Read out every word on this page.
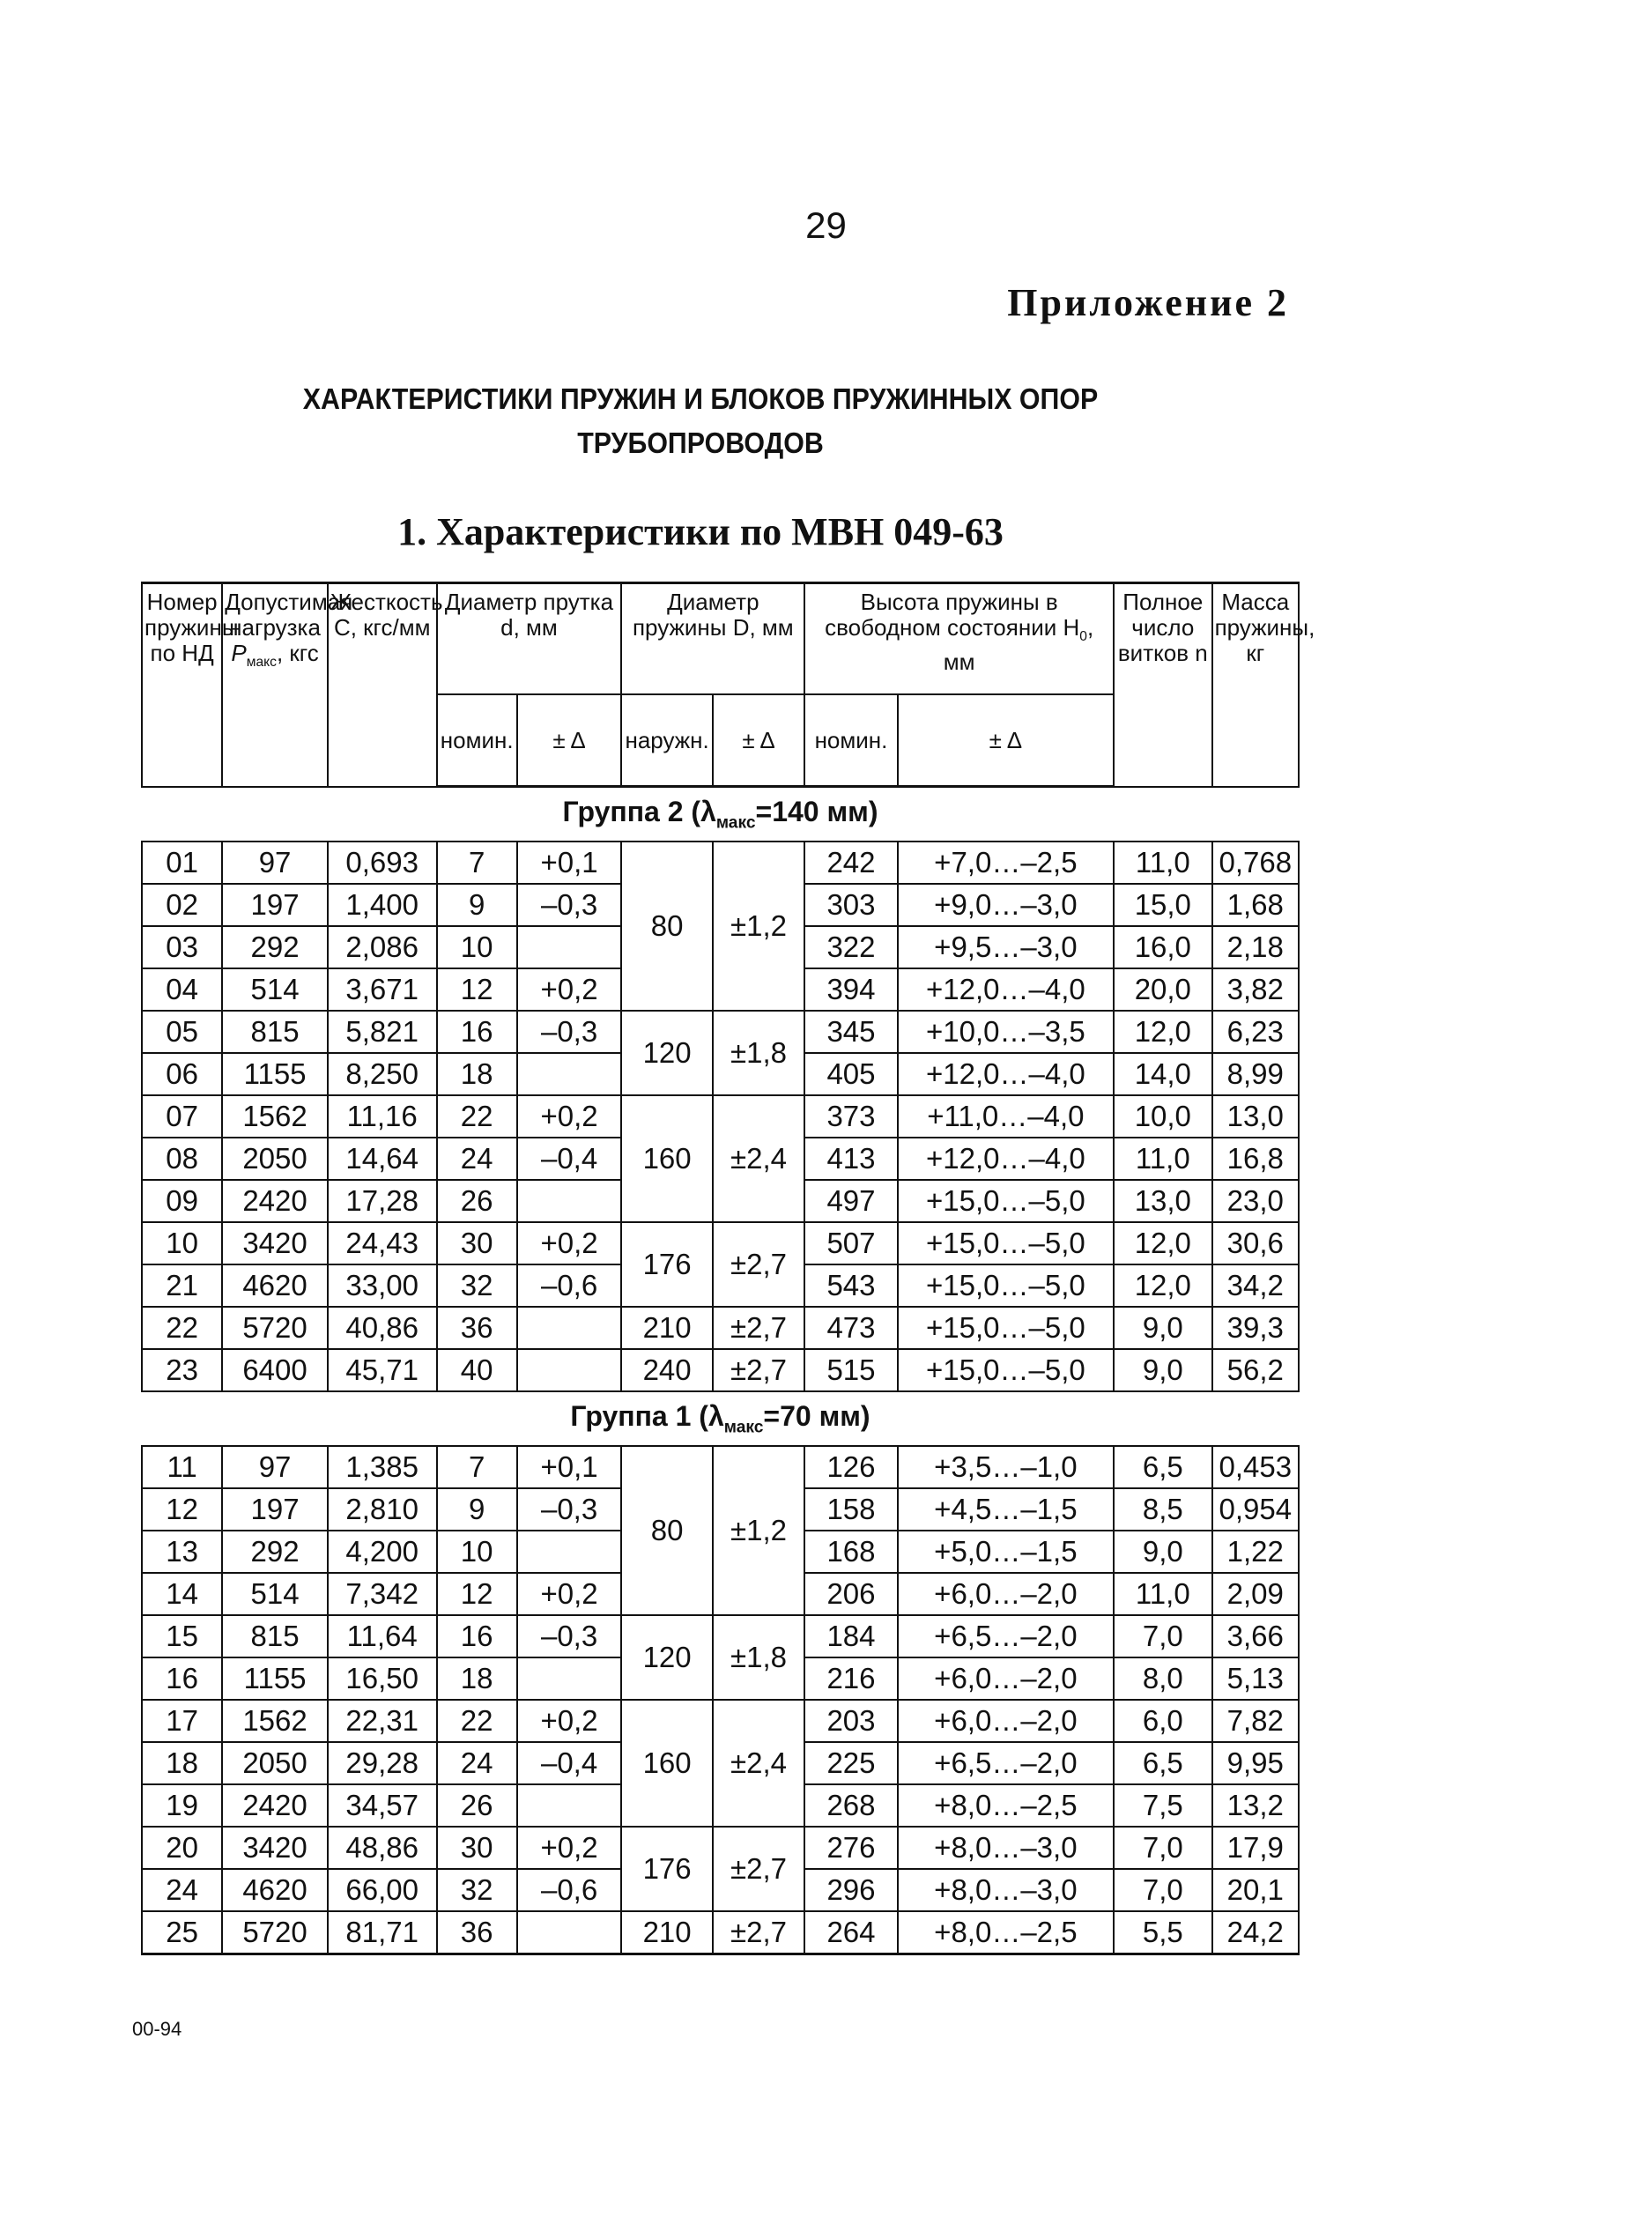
29
Приложение 2
ХАРАКТЕРИСТИКИ ПРУЖИН И БЛОКОВ ПРУЖИННЫХ ОПОР
ТРУБОПРОВОДОВ
1. Характеристики по МВН 049-63
Номер пружины по НД	Допустимая нагрузка $P_{макс}$, кгс	Жесткость С, кгс/мм	Диаметр прутка d, мм		Диаметр пружины D, мм		Высота пружины в свободном состоянии $H_0$, мм		Полное число витков n	Масса пружины, кг
			номин.	± Δ	наружн.	± Δ	номин.	± Δ		
Группа 2 ($\lambda_{макс}=140$ мм)										
01	97	0,693	7	+0,1	80	±1,2	242	+7,0…–2,5	11,0	0,768
02	197	1,400	9	–0,3			303	+9,0…–3,0	15,0	1,68
03	292	2,086	10				322	+9,5…–3,0	16,0	2,18
04	514	3,671	12	+0,2			394	+12,0…–4,0	20,0	3,82
05	815	5,821	16	–0,3	120	±1,8	345	+10,0…–3,5	12,0	6,23
06	1155	8,250	18				405	+12,0…–4,0	14,0	8,99
07	1562	11,16	22	+0,2	160	±2,4	373	+11,0…–4,0	10,0	13,0
08	2050	14,64	24	–0,4			413	+12,0…–4,0	11,0	16,8
09	2420	17,28	26				497	+15,0…–5,0	13,0	23,0
10	3420	24,43	30	+0,2	176	±2,7	507	+15,0…–5,0	12,0	30,6
21	4620	33,00	32	–0,6			543	+15,0…–5,0	12,0	34,2
22	5720	40,86	36		210	±2,7	473	+15,0…–5,0	9,0	39,3
23	6400	45,71	40		240	±2,7	515	+15,0…–5,0	9,0	56,2
Группа 1 ($\lambda_{макс}=70$ мм)										
11	97	1,385	7	+0,1	80	±1,2	126	+3,5…–1,0	6,5	0,453
12	197	2,810	9	–0,3			158	+4,5…–1,5	8,5	0,954
13	292	4,200	10				168	+5,0…–1,5	9,0	1,22
14	514	7,342	12	+0,2			206	+6,0…–2,0	11,0	2,09
15	815	11,64	16	–0,3	120	±1,8	184	+6,5…–2,0	7,0	3,66
16	1155	16,50	18				216	+6,0…–2,0	8,0	5,13
17	1562	22,31	22	+0,2	160	±2,4	203	+6,0…–2,0	6,0	7,82
18	2050	29,28	24	–0,4			225	+6,5…–2,0	6,5	9,95
19	2420	34,57	26				268	+8,0…–2,5	7,5	13,2
20	3420	48,86	30	+0,2	176	±2,7	276	+8,0…–3,0	7,0	17,9
24	4620	66,00	32	–0,6			296	+8,0…–3,0	7,0	20,1
25	5720	81,71	36		210	±2,7	264	+8,0…–2,5	5,5	24,2
00-94
